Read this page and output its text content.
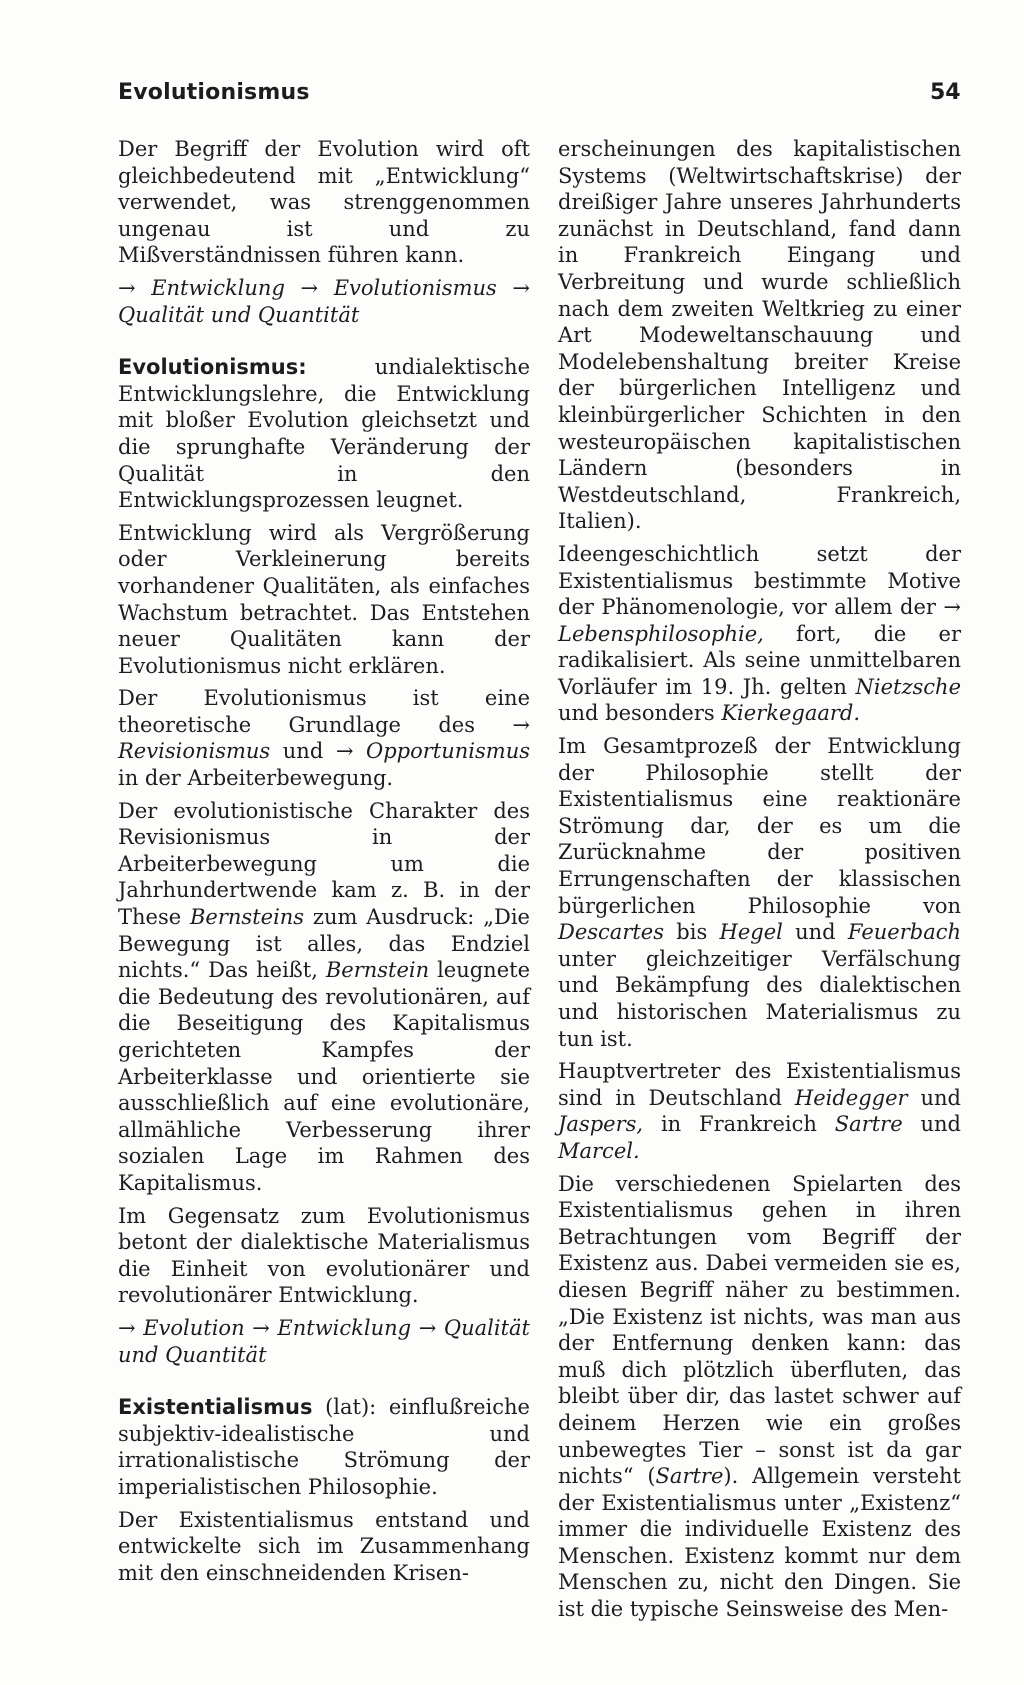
Evolutionismus	54

Der Begriff der Evolution wird oft gleichbedeutend mit „Entwicklung“ verwendet, was strenggenommen ungenau ist und zu Mißverständnissen führen kann.

→ Entwicklung → Evolutionismus → Qualität und Quantität

Evolutionismus: undialektische Entwicklungslehre, die Entwicklung mit bloßer Evolution gleichsetzt und die sprunghafte Veränderung der Qualität in den Entwicklungsprozessen leugnet.

Entwicklung wird als Vergrößerung oder Verkleinerung bereits vorhandener Qualitäten, als einfaches Wachstum betrachtet. Das Entstehen neuer Qualitäten kann der Evolutionismus nicht erklären.

Der Evolutionismus ist eine theoretische Grundlage des → Revisionismus und → Opportunismus in der Arbeiterbewegung.

Der evolutionistische Charakter des Revisionismus in der Arbeiterbewegung um die Jahrhundertwende kam z. B. in der These Bernsteins zum Ausdruck: „Die Bewegung ist alles, das Endziel nichts.“ Das heißt, Bernstein leugnete die Bedeutung des revolutionären, auf die Beseitigung des Kapitalismus gerichteten Kampfes der Arbeiterklasse und orientierte sie ausschließlich auf eine evolutionäre, allmähliche Verbesserung ihrer sozialen Lage im Rahmen des Kapitalismus.

Im Gegensatz zum Evolutionismus betont der dialektische Materialismus die Einheit von evolutionärer und revolutionärer Entwicklung.

→ Evolution → Entwicklung → Qualität und Quantität

Existentialismus (lat): einflußreiche subjektiv-idealistische und irrationalistische Strömung der imperialistischen Philosophie.

Der Existentialismus entstand und entwickelte sich im Zusammenhang mit den einschneidenden Krisen-

erscheinungen des kapitalistischen Systems (Weltwirtschaftskrise) der dreißiger Jahre unseres Jahrhunderts zunächst in Deutschland, fand dann in Frankreich Eingang und Verbreitung und wurde schließlich nach dem zweiten Weltkrieg zu einer Art Modeweltanschauung und Modelebenshaltung breiter Kreise der bürgerlichen Intelligenz und kleinbürgerlicher Schichten in den westeuropäischen kapitalistischen Ländern (besonders in Westdeutschland, Frankreich, Italien).

Ideengeschichtlich setzt der Existentialismus bestimmte Motive der Phänomenologie, vor allem der → Lebensphilosophie, fort, die er radikalisiert. Als seine unmittelbaren Vorläufer im 19. Jh. gelten Nietzsche und besonders Kierkegaard.

Im Gesamtprozeß der Entwicklung der Philosophie stellt der Existentialismus eine reaktionäre Strömung dar, der es um die Zurücknahme der positiven Errungenschaften der klassischen bürgerlichen Philosophie von Descartes bis Hegel und Feuerbach unter gleichzeitiger Verfälschung und Bekämpfung des dialektischen und historischen Materialismus zu tun ist.

Hauptvertreter des Existentialismus sind in Deutschland Heidegger und Jaspers, in Frankreich Sartre und Marcel.

Die verschiedenen Spielarten des Existentialismus gehen in ihren Betrachtungen vom Begriff der Existenz aus. Dabei vermeiden sie es, diesen Begriff näher zu bestimmen. „Die Existenz ist nichts, was man aus der Entfernung denken kann: das muß dich plötzlich überfluten, das bleibt über dir, das lastet schwer auf deinem Herzen wie ein großes unbewegtes Tier – sonst ist da gar nichts“ (Sartre). Allgemein versteht der Existentialismus unter „Existenz“ immer die individuelle Existenz des Menschen. Existenz kommt nur dem Menschen zu, nicht den Dingen. Sie ist die typische Seinsweise des Men-
